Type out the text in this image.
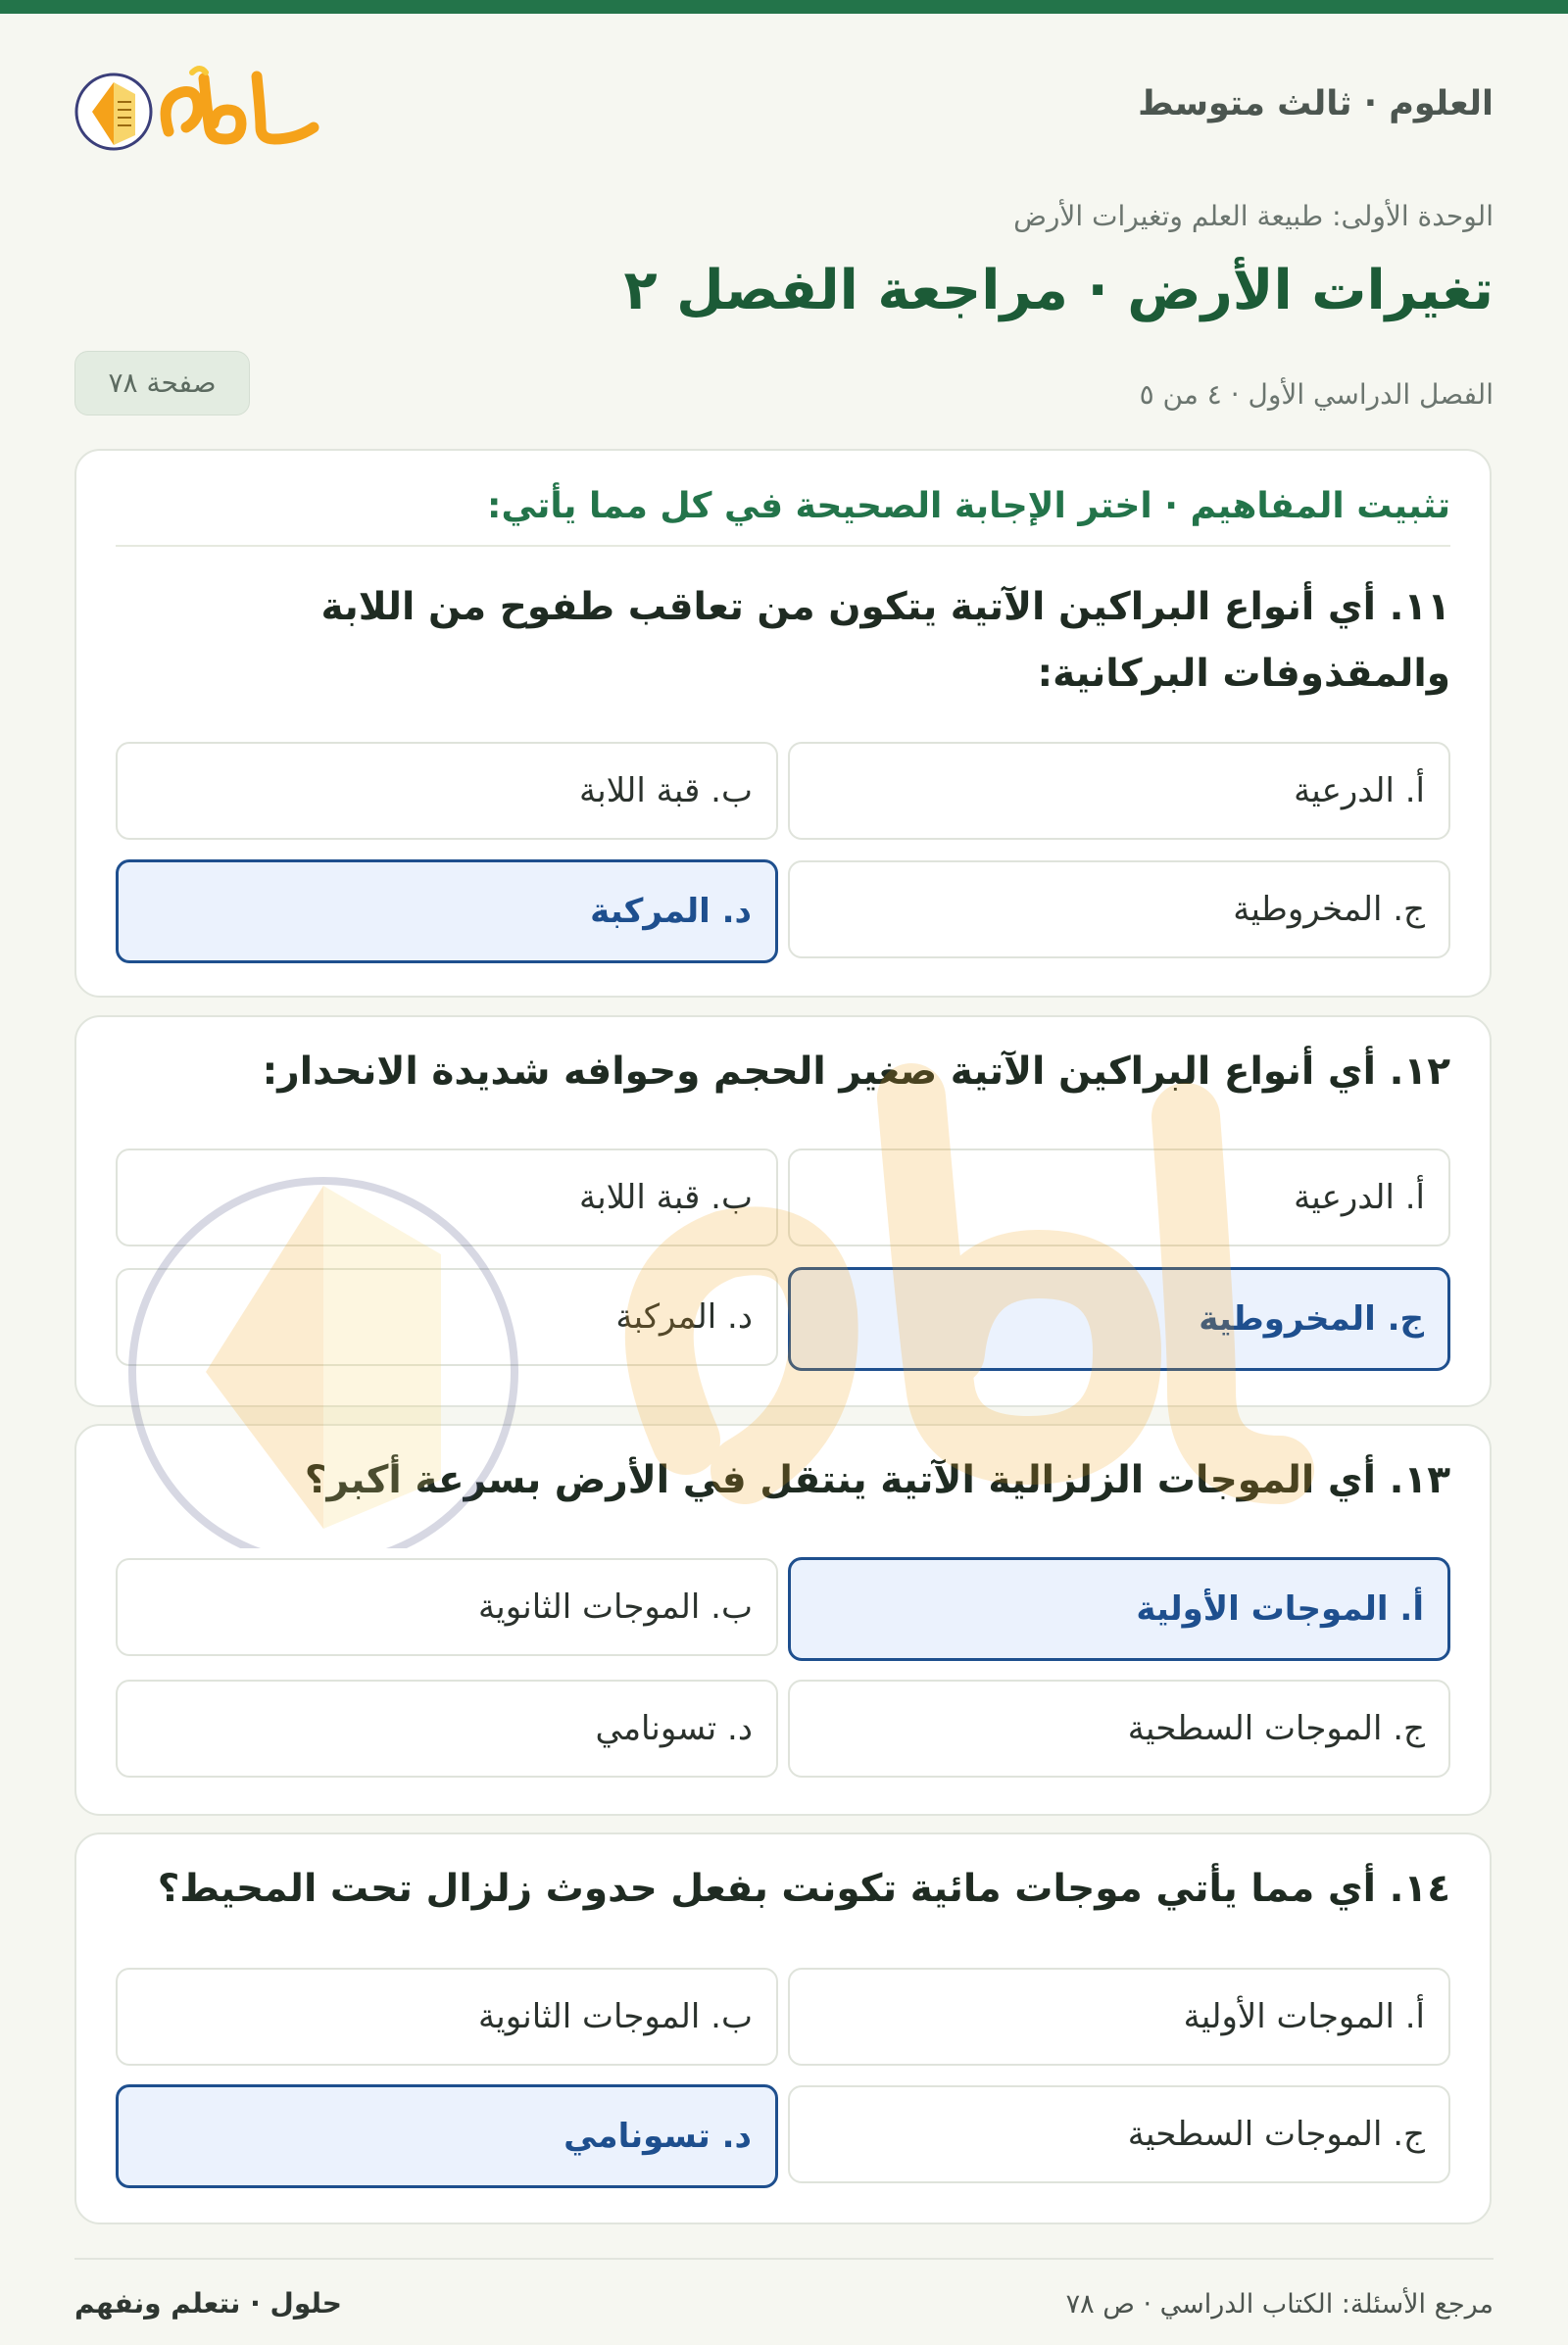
العلوم · ثالث متوسط
الوحدة الأولى: طبيعة العلم وتغيرات الأرض
تغيرات الأرض · مراجعة الفصل ٢
الفصل الدراسي الأول · ٤ من ٥
صفحة ٧٨
تثبيت المفاهيم · اختر الإجابة الصحيحة في كل مما يأتي:
١١. أي أنواع البراكين الآتية يتكون من تعاقب طفوح من اللابة والمقذوفات البركانية:
أ. الدرعية
ب. قبة اللابة
ج. المخروطية
د. المركبة
١٢. أي أنواع البراكين الآتية صغير الحجم وحوافه شديدة الانحدار:
أ. الدرعية
ب. قبة اللابة
ج. المخروطية
د. المركبة
١٣. أي الموجات الزلزالية الآتية ينتقل في الأرض بسرعة أكبر؟
أ. الموجات الأولية
ب. الموجات الثانوية
ج. الموجات السطحية
د. تسونامي
١٤. أي مما يأتي موجات مائية تكونت بفعل حدوث زلزال تحت المحيط؟
أ. الموجات الأولية
ب. الموجات الثانوية
ج. الموجات السطحية
د. تسونامي
مرجع الأسئلة: الكتاب الدراسي · ص ٧٨
حلول · نتعلم ونفهم
